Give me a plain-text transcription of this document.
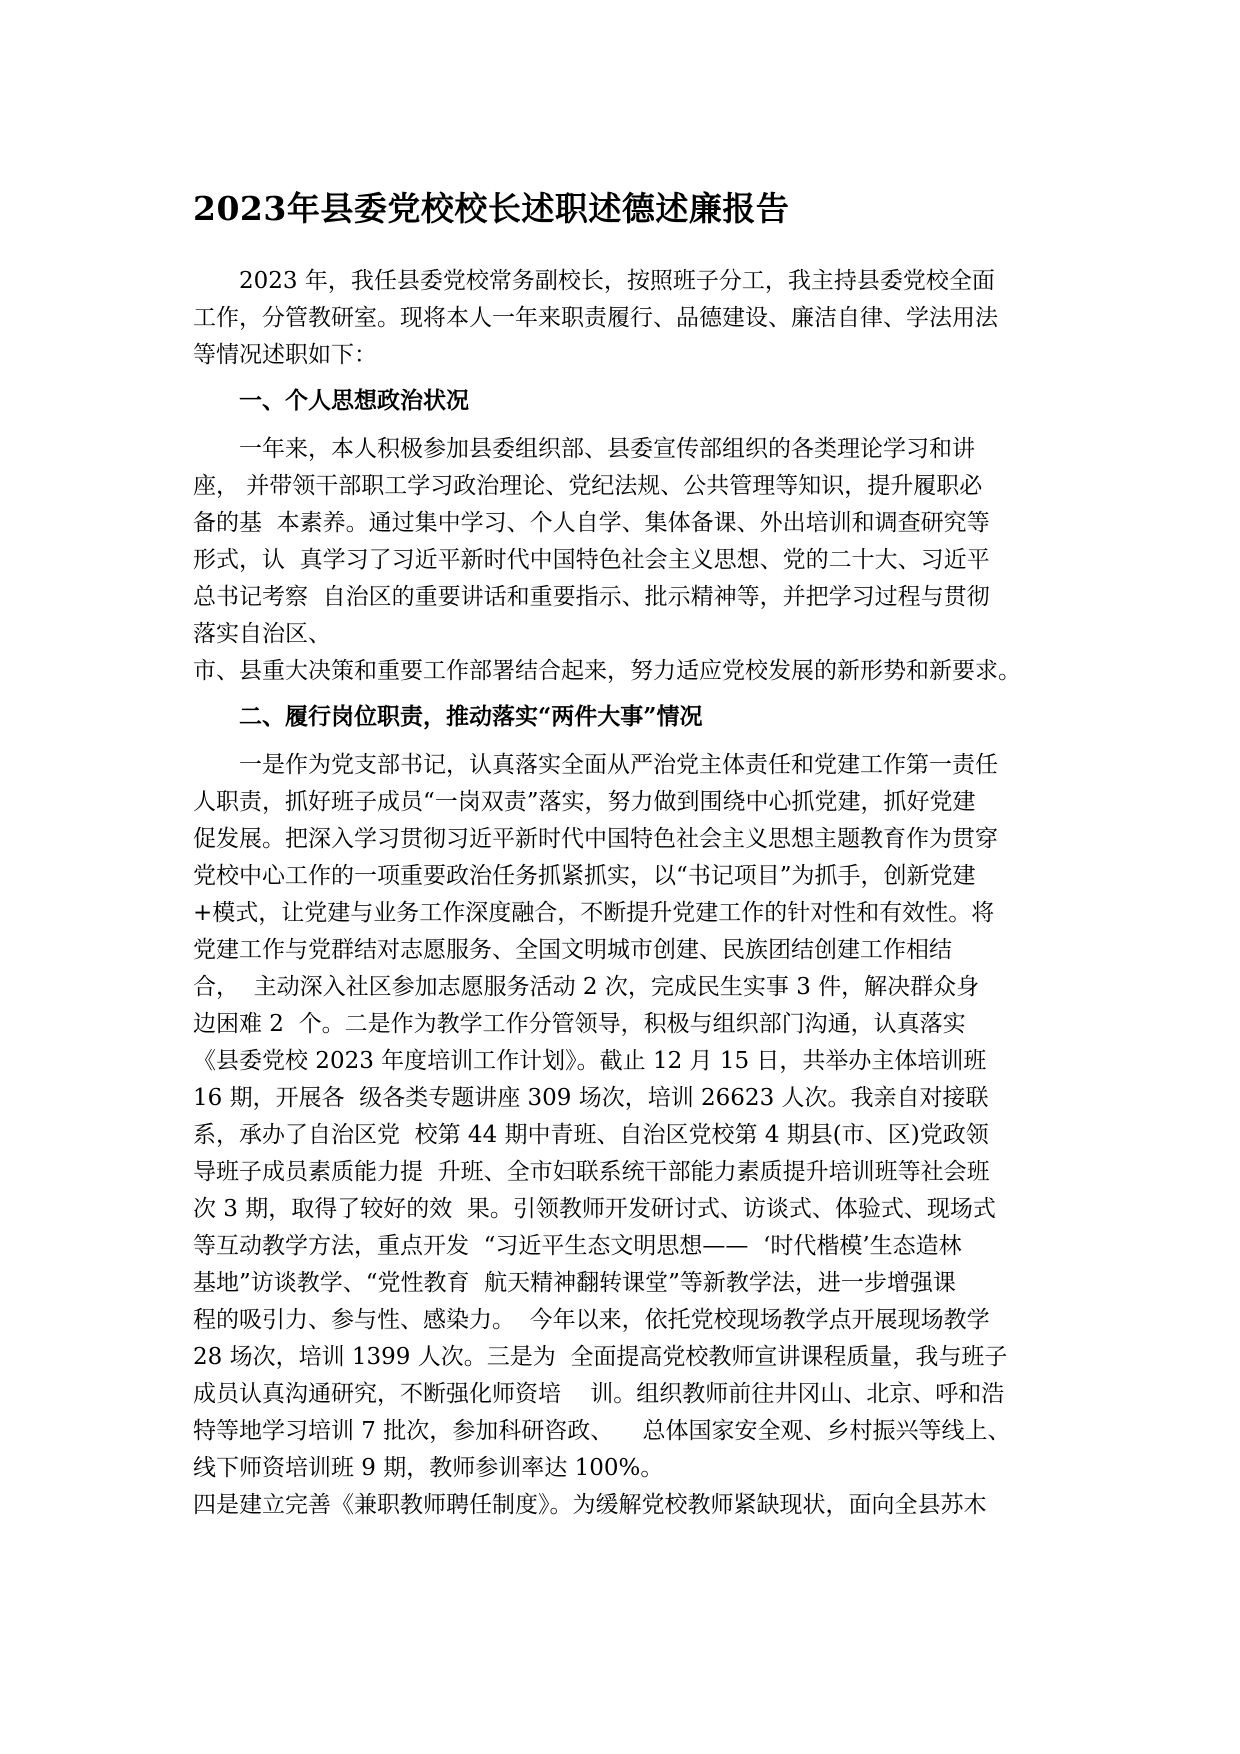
2023年县委党校校长述职述德述廉报告
2023 年，我任县委党校常务副校长，按照班子分工，我主持县委党校全面
工作，分管教研室。现将本人一年来职责履行、品德建设、廉洁自律、学法用法
等情况述职如下：
一、个人思想政治状况
一年来，本人积极参加县委组织部、县委宣传部组织的各类理论学习和讲
座， 并带领干部职工学习政治理论、党纪法规、公共管理等知识，提升履职必
备的基  本素养。通过集中学习、个人自学、集体备课、外出培训和调查研究等
形式，认  真学习了习近平新时代中国特色社会主义思想、党的二十大、习近平
总书记考察  自治区的重要讲话和重要指示、批示精神等，并把学习过程与贯彻
落实自治区、
市、县重大决策和重要工作部署结合起来，努力适应党校发展的新形势和新要求。
二、履行岗位职责，推动落实“两件大事”情况
一是作为党支部书记，认真落实全面从严治党主体责任和党建工作第一责任
人职责，抓好班子成员“一岗双责”落实，努力做到围绕中心抓党建，抓好党建
促发展。把深入学习贯彻习近平新时代中国特色社会主义思想主题教育作为贯穿
党校中心工作的一项重要政治任务抓紧抓实，以“书记项目”为抓手，创新党建
+模式，让党建与业务工作深度融合，不断提升党建工作的针对性和有效性。将
党建工作与党群结对志愿服务、全国文明城市创建、民族团结创建工作相结
合，  主动深入社区参加志愿服务活动 2 次，完成民生实事 3 件，解决群众身
边困难 2  个。二是作为教学工作分管领导，积极与组织部门沟通，认真落实
《县委党校 2023 年度培训工作计划》。截止 12 月 15 日，共举办主体培训班
16 期，开展各  级各类专题讲座 309 场次，培训 26623 人次。我亲自对接联
系，承办了自治区党  校第 44 期中青班、自治区党校第 4 期县(市、区)党政领
导班子成员素质能力提  升班、全市妇联系统干部能力素质提升培训班等社会班
次 3 期，取得了较好的效  果。引领教师开发研讨式、访谈式、体验式、现场式
等互动教学方法，重点开发  “习近平生态文明思想——  ‘时代楷模’生态造林
基地”访谈教学、“党性教育  航天精神翻转课堂”等新教学法，进一步增强课
程的吸引力、参与性、感染力。  今年以来，依托党校现场教学点开展现场教学
28 场次，培训 1399 人次。三是为  全面提高党校教师宣讲课程质量，我与班子
成员认真沟通研究，不断强化师资培    训。组织教师前往井冈山、北京、呼和浩
特等地学习培训 7 批次，参加科研咨政、    总体国家安全观、乡村振兴等线上、
线下师资培训班 9 期，教师参训率达 100%。
四是建立完善《兼职教师聘任制度》。为缓解党校教师紧缺现状，面向全县苏木
